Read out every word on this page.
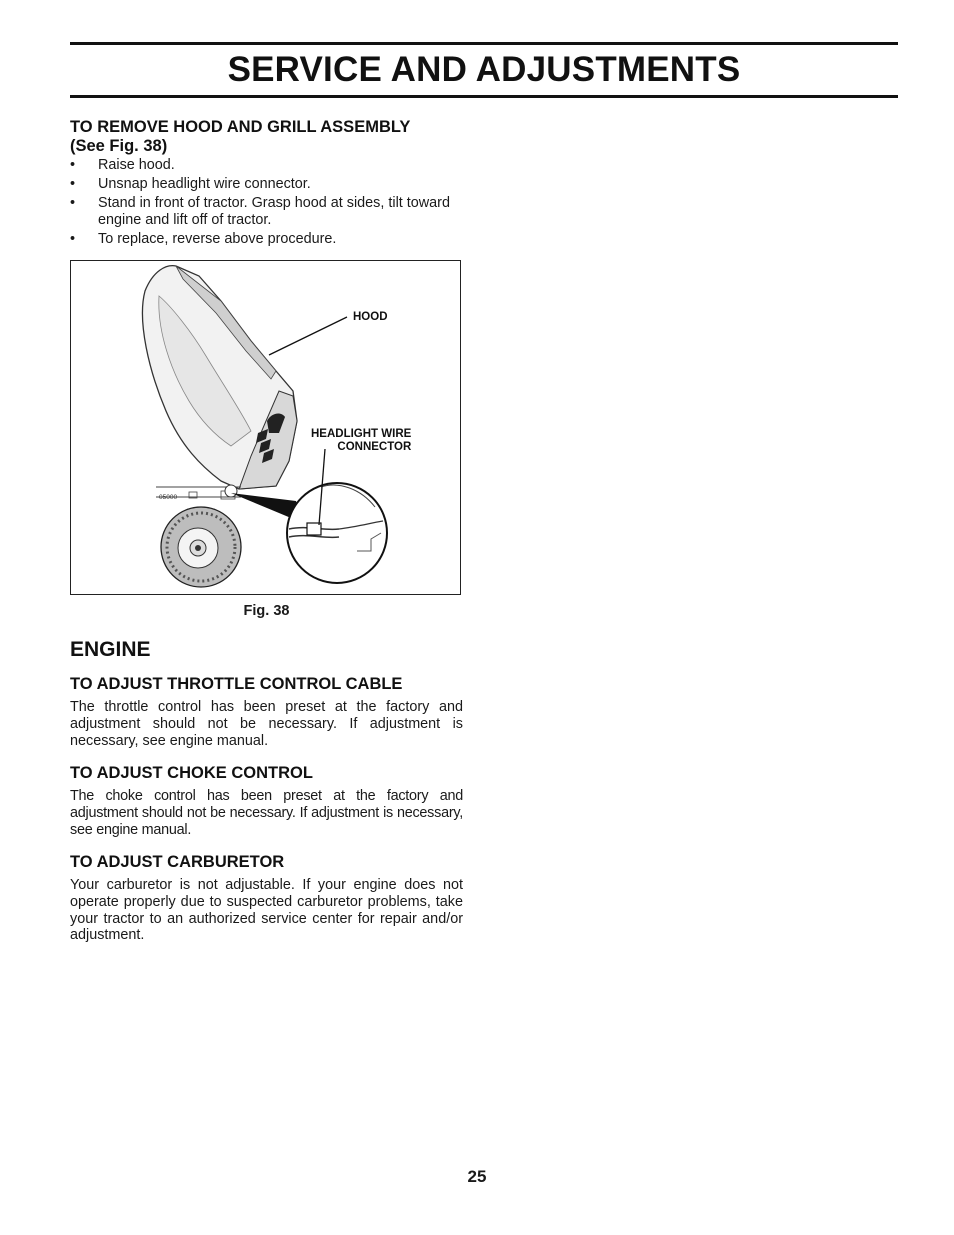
SERVICE AND ADJUSTMENTS
TO REMOVE HOOD AND GRILL ASSEMBLY
(See Fig. 38)
• Raise hood.
• Unsnap headlight wire connector.
• Stand in front of tractor. Grasp hood at sides, tilt toward engine and lift off of tractor.
• To replace, reverse above procedure.
HOOD
HEADLIGHT WIRE
CONNECTOR
05000
Fig. 38
ENGINE
TO ADJUST THROTTLE CONTROL CABLE

The throttle control has been preset at the factory and adjustment should not be necessary. If adjustment is necessary, see engine manual.

TO ADJUST CHOKE CONTROL

The choke control has been preset at the factory and adjustment should not be necessary. If adjustment is necessary, see engine manual.

TO ADJUST CARBURETOR

Your carburetor is not adjustable. If your engine does not operate properly due to suspected carburetor problems, take your tractor to an authorized service center for repair and/or adjustment.

25
